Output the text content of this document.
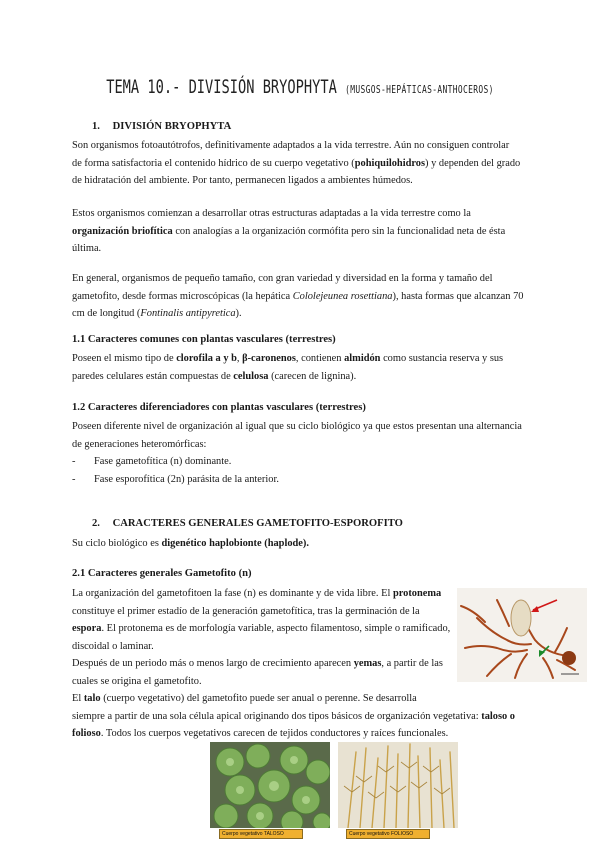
TEMA 10.- DIVISIÓN BRYOPHYTA (MUSGOS-HEPÁTICAS-ANTHOCEROS)
1. DIVISIÓN BRYOPHYTA
Son organismos fotoautótrofos, definitivamente adaptados a la vida terrestre. Aún no consiguen controlar
de forma satisfactoria el contenido hídrico de su cuerpo vegetativo (pohiquilohidros) y dependen del grado
de hidratación del ambiente. Por tanto, permanecen ligados a ambientes húmedos.
Estos organismos comienzan a desarrollar otras estructuras adaptadas a la vida terrestre como la
organización briofítica con analogías a la organización cormófita pero sin la funcionalidad neta de ésta
última.
En general, organismos de pequeño tamaño, con gran variedad y diversidad en la forma y tamaño del
gametofito, desde formas microscópicas (la hepática Cololejeunea rosettiana), hasta formas que alcanzan 70
cm de longitud (Fontinalis antipyretica).
1.1 Caracteres comunes con plantas vasculares (terrestres)
Poseen el mismo tipo de clorofila a y b, β-caronenos, contienen almidón como sustancia reserva y sus
paredes celulares están compuestas de celulosa (carecen de lignina).
1.2 Caracteres diferenciadores con plantas vasculares (terrestres)
Poseen diferente nivel de organización al igual que su ciclo biológico ya que estos presentan una alternancia
de generaciones heteromórficas:
- Fase gametofítica (n) dominante.
- Fase esporofítica (2n) parásita de la anterior.
2. CARACTERES GENERALES GAMETOFITO-ESPOROFITO
Su ciclo biológico es digenético haplobionte (haplode).
2.1 Caracteres generales Gametofito (n)
La organización del gametofitoen la fase (n) es dominante y de vida libre. El protonema
constituye el primer estadío de la generación gametofítica, tras la germinación de la
espora. El protonema es de morfología variable, aspecto filamentoso, simple o ramificado,
discoidal o laminar.
Después de un periodo más o menos largo de crecimiento aparecen yemas, a partir de las
cuales se origina el gametofito.
El talo (cuerpo vegetativo) del gametofito puede ser anual o perenne. Se desarrolla
siempre a partir de una sola célula apical originando dos tipos básicos de organización vegetativa: taloso o
folioso. Todos los cuerpos vegetativos carecen de tejidos conductores y raíces funcionales.
Cuerpo vegetativo TALOSO	Cuerpo vegetativo FOLIOSO
